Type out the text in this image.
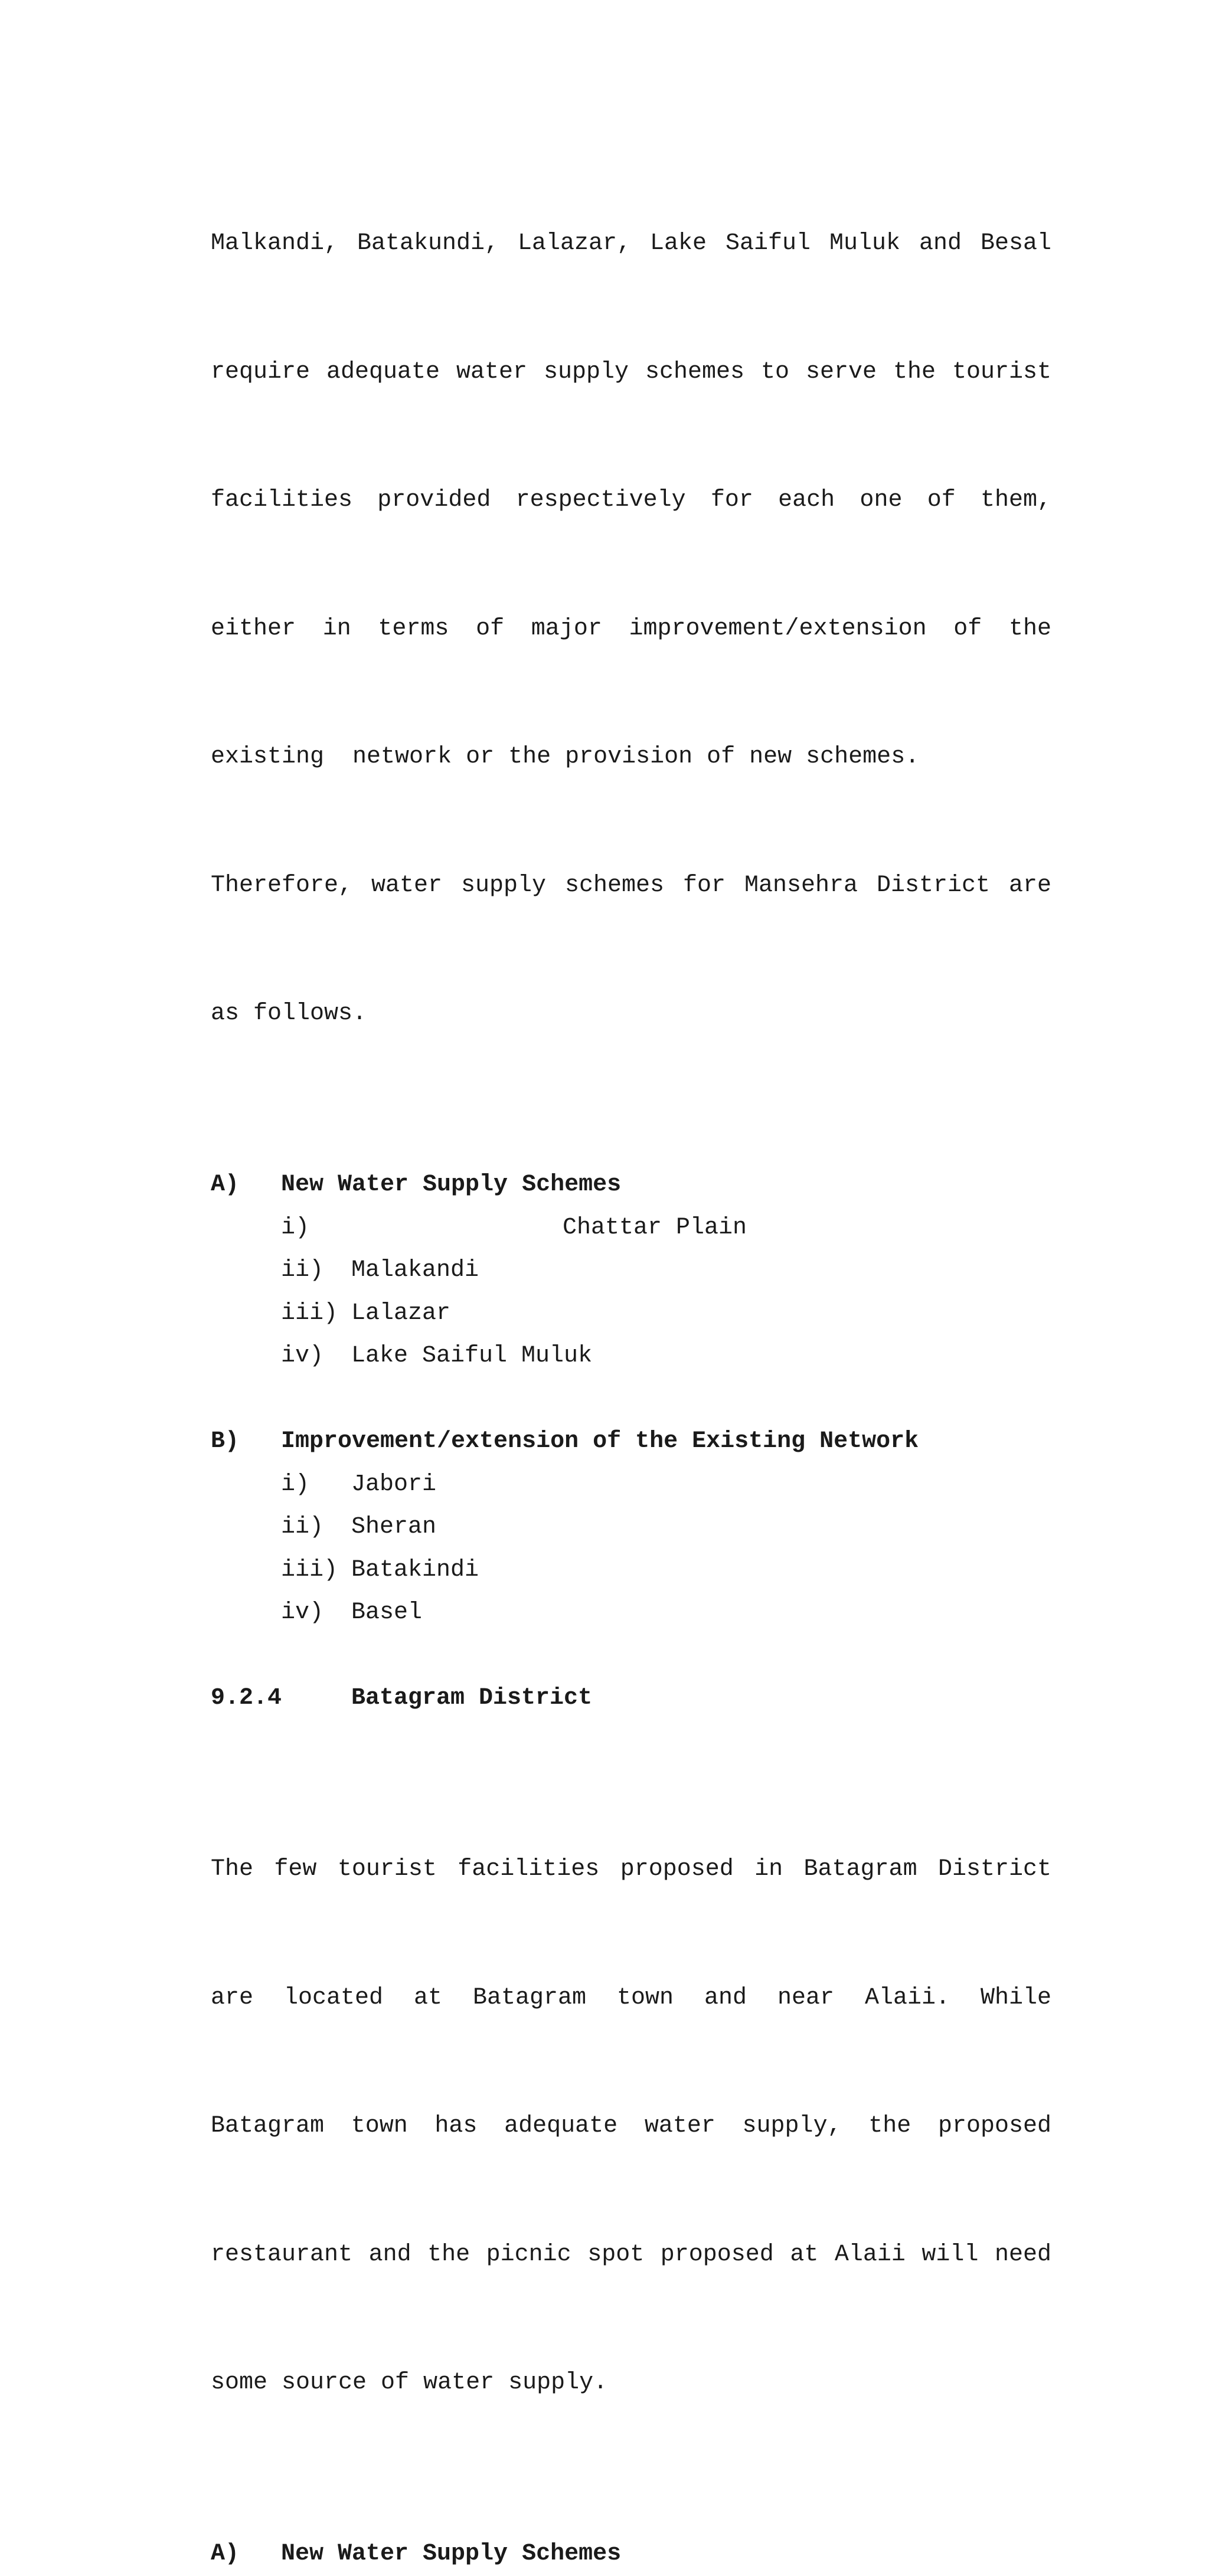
Malkandi, Batakundi, Lalazar, Lake Saiful Muluk and Besal

require adequate water supply schemes to serve the tourist

facilities provided respectively for each one of them,

either in terms of major improvement/extension of the

existing  network or the provision of new schemes.

Therefore, water supply schemes for Mansehra District are

as follows.

A) New Water Supply Schemes
i)	Chattar Plain
ii) Malakandi
iii) Lalazar
iv) Lake Saiful Muluk
B) Improvement/extension of the Existing Network
i) Jabori
ii) Sheran
iii) Batakindi
iv) Basel
9.2.4	Batagram District

The few tourist facilities proposed in Batagram District

are located at Batagram town and near Alaii. While

Batagram town has adequate water supply, the proposed

restaurant and the picnic spot proposed at Alaii will need

some source of water supply.

A) New Water Supply Schemes
